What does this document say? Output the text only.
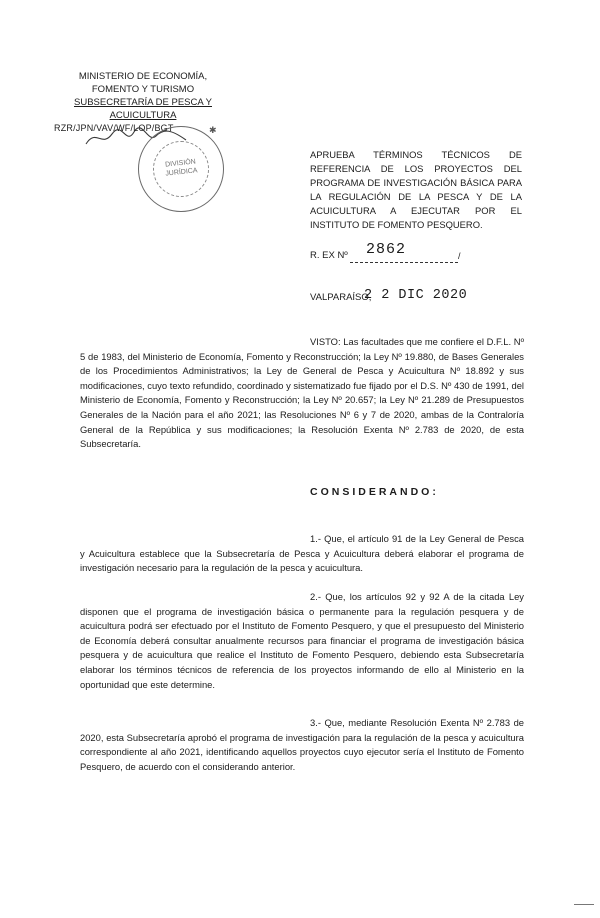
MINISTERIO DE ECONOMÍA,
FOMENTO Y TURISMO
SUBSECRETARÍA DE PESCA Y
ACUICULTURA
RZR/JPN/VAV/WF/LOP/BGT	✱
DIVISIÓN
JURÍDICA
APRUEBA TÉRMINOS TÉCNICOS DE REFERENCIA DE LOS PROYECTOS DEL PROGRAMA DE INVESTIGACIÓN BÁSICA PARA LA REGULACIÓN DE LA PESCA Y DE LA ACUICULTURA A EJECUTAR POR EL INSTITUTO DE FOMENTO PESQUERO.
R. EX Nº 2862	/
VALPARAÍSO,
2 2 DIC 2020
VISTO: Las facultades que me confiere el D.F.L. Nº 5 de 1983, del Ministerio de Economía, Fomento y Reconstrucción; la Ley Nº 19.880, de Bases Generales de los Procedimientos Administrativos; la Ley de General de Pesca y Acuicultura Nº 18.892 y sus modificaciones, cuyo texto refundido, coordinado y sistematizado fue fijado por el D.S. Nº 430 de 1991, del Ministerio de Economía, Fomento y Reconstrucción; la Ley Nº 20.657; la Ley Nº 21.289 de Presupuestos Generales de la Nación para el año 2021; las Resoluciones Nº 6 y 7 de 2020, ambas de la Contraloría General de la República y sus modificaciones; la Resolución Exenta Nº 2.783 de 2020, de esta Subsecretaría.
CONSIDERANDO:
1.- Que, el artículo 91 de la Ley General de Pesca y Acuicultura establece que la Subsecretaría de Pesca y Acuicultura deberá elaborar el programa de investigación necesario para la regulación de la pesca y acuicultura.
2.- Que, los artículos 92 y 92 A de la citada Ley disponen que el programa de investigación básica o permanente para la regulación pesquera y de acuicultura podrá ser efectuado por el Instituto de Fomento Pesquero, y que el presupuesto del Ministerio de Economía deberá consultar anualmente recursos para financiar el programa de investigación básica pesquera y de acuicultura que realice el Instituto de Fomento Pesquero, debiendo esta Subsecretaría elaborar los términos técnicos de referencia de los proyectos informando de ello al Ministerio en la oportunidad que este determine.
3.- Que, mediante Resolución Exenta Nº 2.783 de 2020, esta Subsecretaría aprobó el programa de investigación para la regulación de la pesca y acuicultura correspondiente al año 2021, identificando aquellos proyectos cuyo ejecutor sería el Instituto de Fomento Pesquero, de acuerdo con el considerando anterior.
